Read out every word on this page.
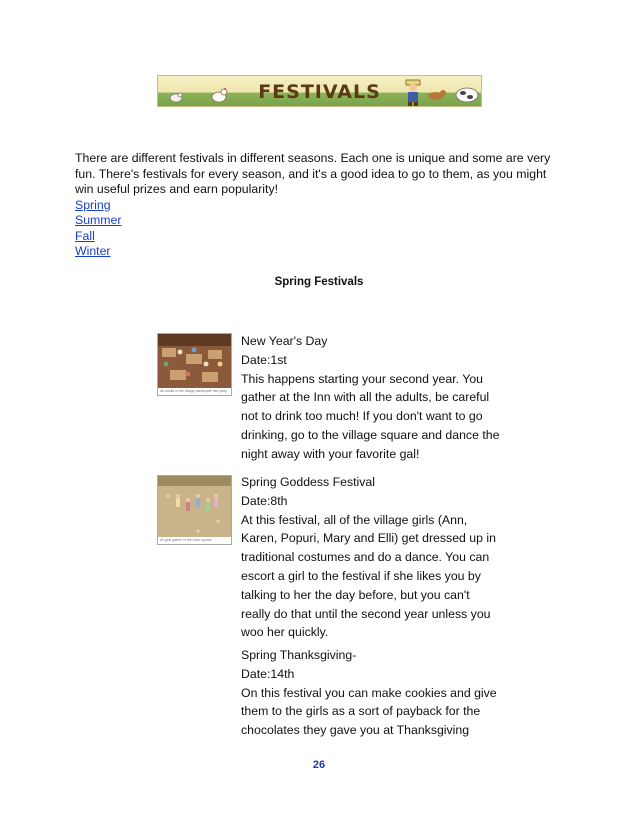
FESTIVALS

There are different festivals in different seasons. Each one is unique and some are very fun. There's festivals for every season, and it's a good idea to go to them, as you might win useful prizes and earn popularity!

Spring
Summer
Fall
Winter
Spring Festivals
All adults in the village participate this party
New Year's Day
Date:1st
This happens starting your second year. You
gather at the Inn with all the adults, be careful
not to drink too much! If you don't want to go
drinking, go to the village square and dance the
night away with your favorite gal!
All girls gather in the town square
Spring Goddess Festival
Date:8th
At this festival, all of the village girls (Ann,
Karen, Popuri, Mary and Elli) get dressed up in
traditional costumes and do a dance. You can
escort a girl to the festival if she likes you by
talking to her the day before, but you can't
really do that until the second year unless you
woo her quickly.
Spring Thanksgiving-
Date:14th
On this festival you can make cookies and give
them to the girls as a sort of payback for the
chocolates they gave you at Thanksgiving
26
